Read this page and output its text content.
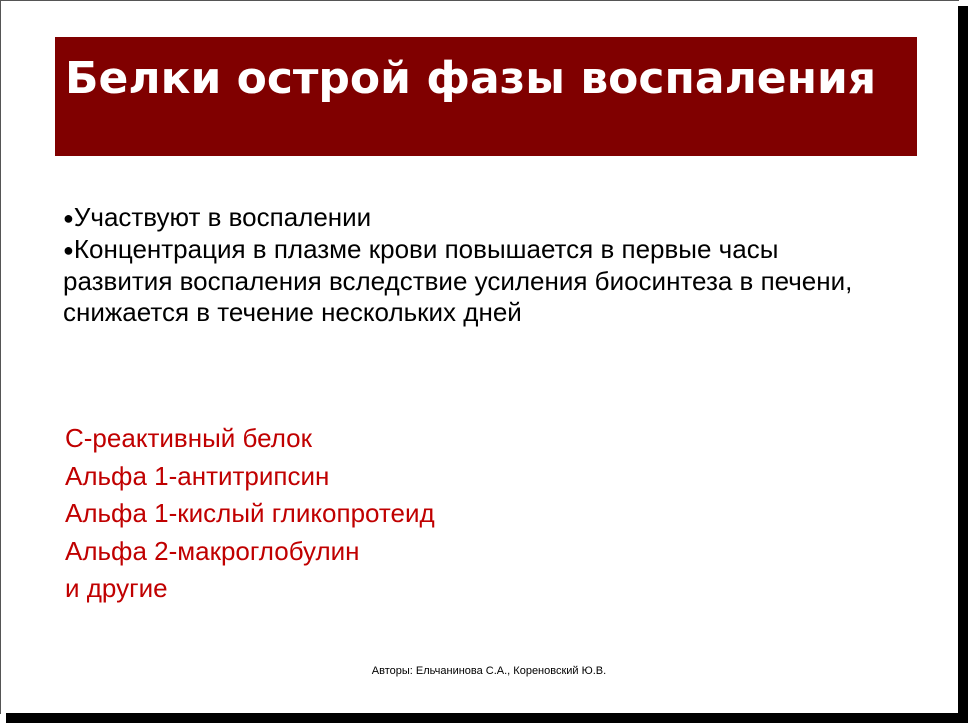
Белки острой фазы воспаления
●Участвуют в воспалении
●Концентрация в плазме крови повышается в первые часы развития воспаления вследствие усиления биосинтеза в печени, снижается в течение нескольких дней
С-реактивный белок
Альфа 1-антитрипсин
Альфа 1-кислый гликопротеид
Альфа 2-макроглобулин
и другие
Авторы: Ельчанинова С.А., Кореновский Ю.В.
